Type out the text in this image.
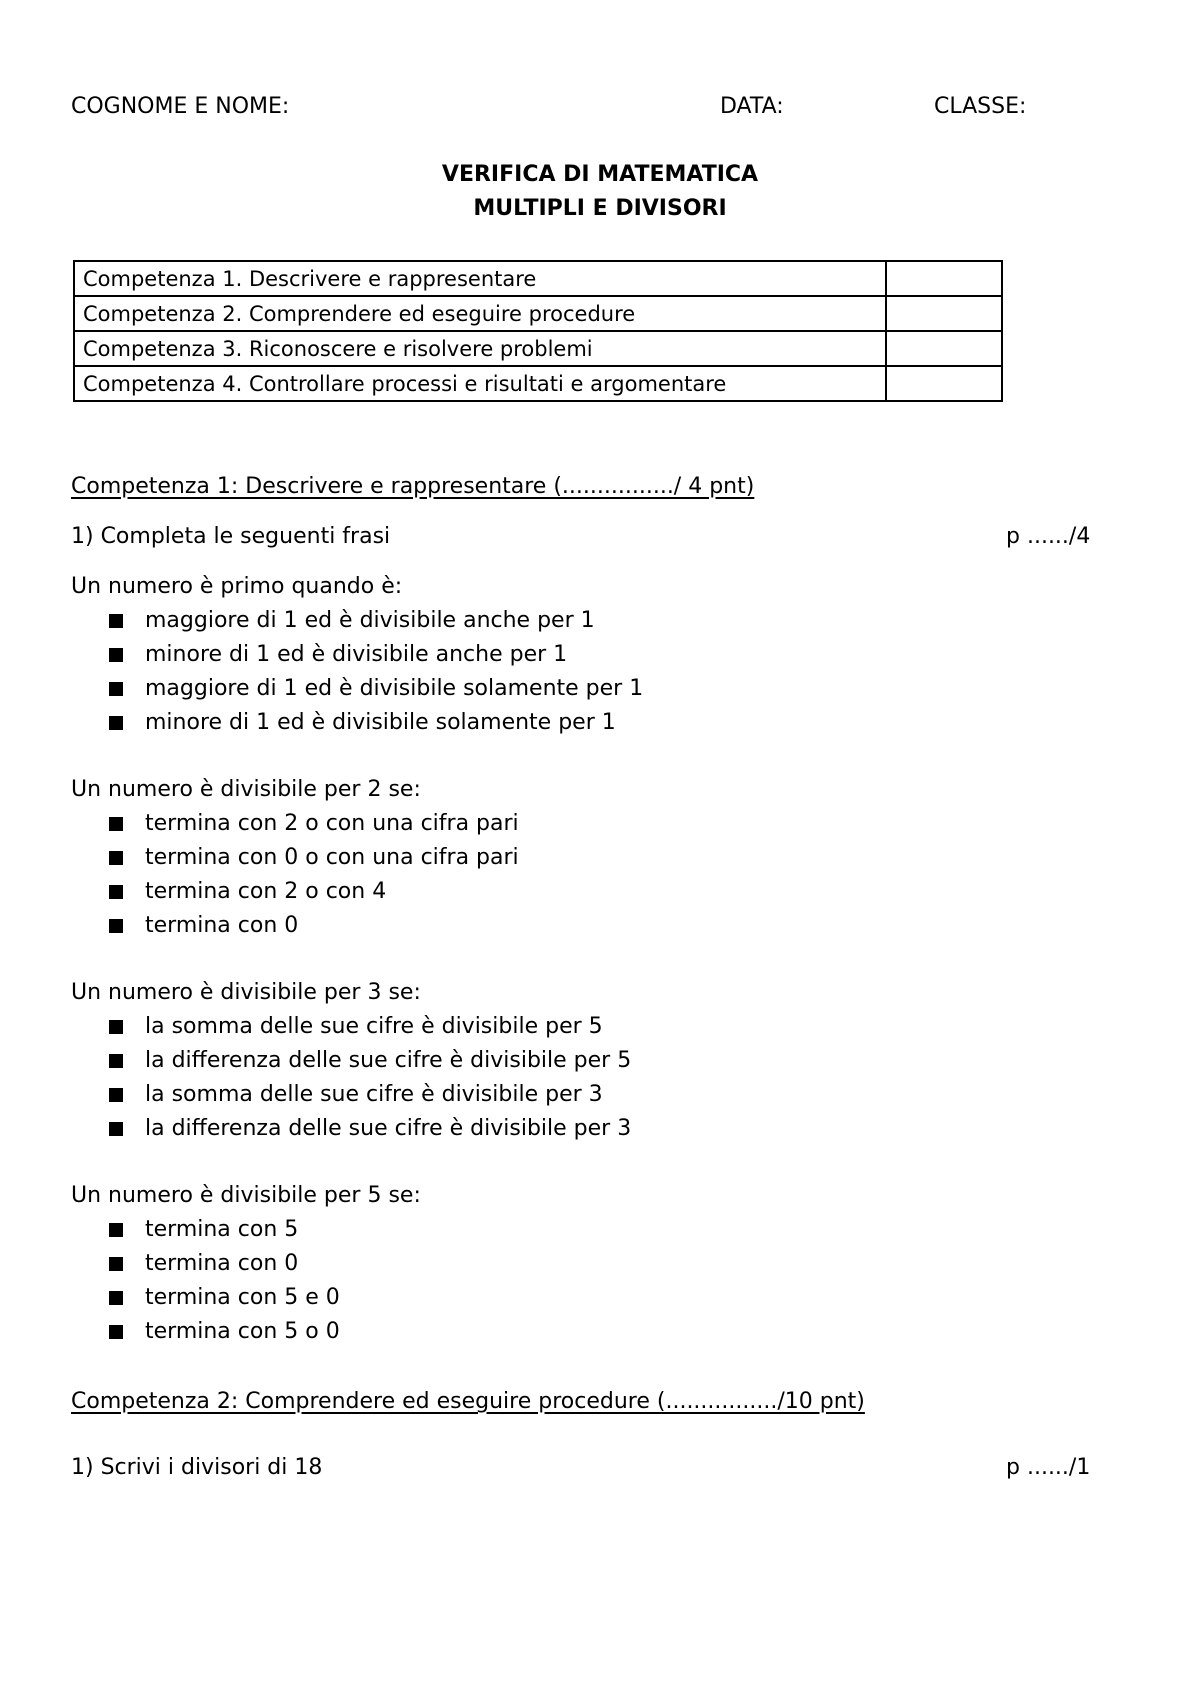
COGNOME E NOME:	DATA:	CLASSE:
VERIFICA DI MATEMATICA
MULTIPLI E DIVISORI
Competenza 1. Descrivere e rappresentare	
Competenza 2. Comprendere ed eseguire procedure	
Competenza 3. Riconoscere e risolvere problemi	
Competenza 4. Controllare processi e risultati e argomentare	
Competenza 1: Descrivere e rappresentare (................/ 4 pnt)
1) Completa le seguenti frasi	p ....../4
Un numero è primo quando è:
maggiore di 1 ed è divisibile anche per 1
minore di 1 ed è divisibile anche per 1
maggiore di 1 ed è divisibile solamente per 1
minore di 1 ed è divisibile solamente per 1
Un numero è divisibile per 2 se:
termina con 2 o con una cifra pari
termina con 0 o con una cifra pari
termina con 2 o con 4
termina con 0
Un numero è divisibile per 3 se:
la somma delle sue cifre è divisibile per 5
la differenza delle sue cifre è divisibile per 5
la somma delle sue cifre è divisibile per 3
la differenza delle sue cifre è divisibile per 3
Un numero è divisibile per 5 se:
termina con 5
termina con 0
termina con 5 e 0
termina con 5 o 0
Competenza 2: Comprendere ed eseguire procedure (................/10 pnt)
1) Scrivi i divisori di 18	p ....../1
